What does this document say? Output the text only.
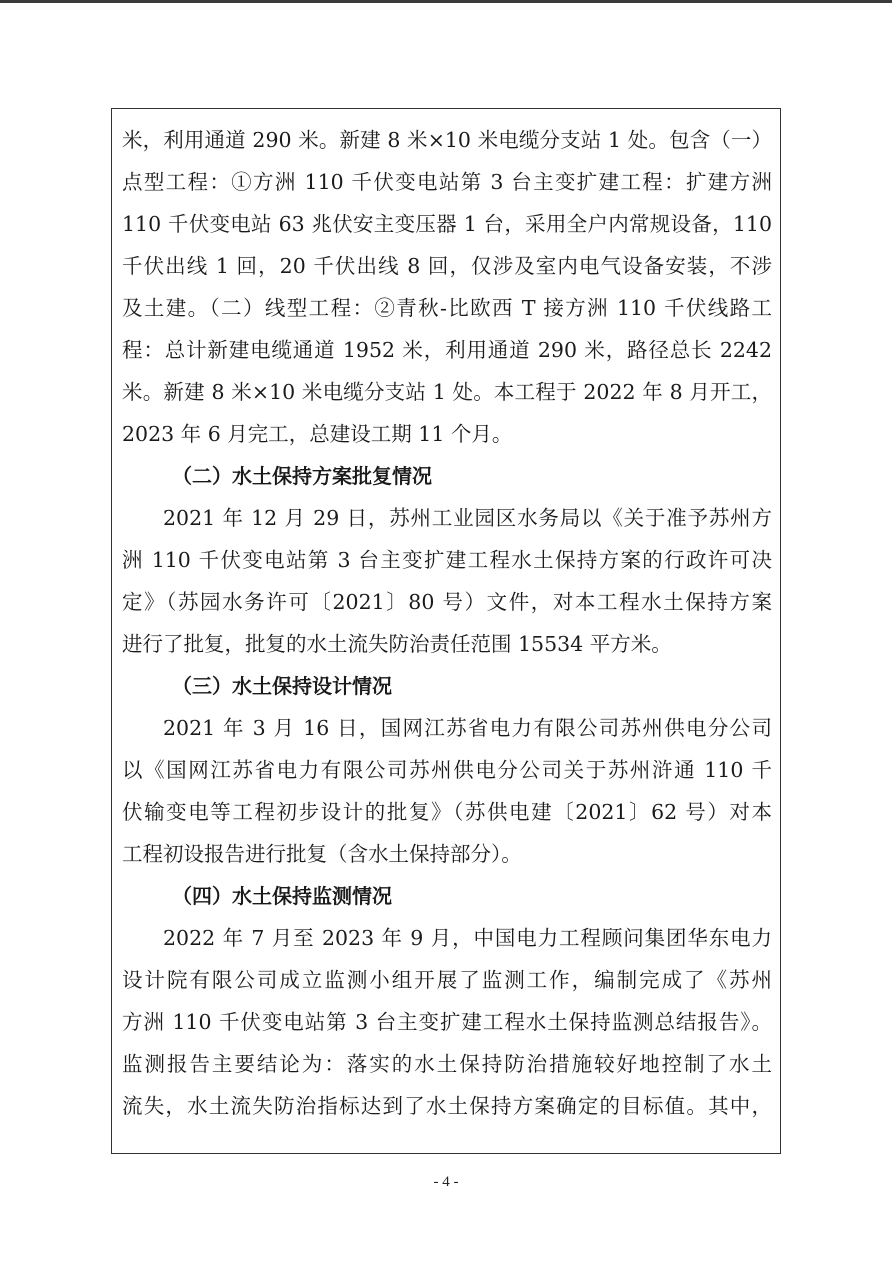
米，利用通道 290 米。新建 8 米×10 米电缆分支站 1 处。包含（一）
点型工程：①方洲 110 千伏变电站第 3 台主变扩建工程：扩建方洲
110 千伏变电站 63 兆伏安主变压器 1 台，采用全户内常规设备，110
千伏出线 1 回，20 千伏出线 8 回，仅涉及室内电气设备安装，不涉
及土建。（二）线型工程：②青秋-比欧西 T 接方洲 110 千伏线路工
程：总计新建电缆通道 1952 米，利用通道 290 米，路径总长 2242
米。新建 8 米×10 米电缆分支站 1 处。本工程于 2022 年 8 月开工，
2023 年 6 月完工，总建设工期 11 个月。
（二）水土保持方案批复情况
2021 年 12 月 29 日，苏州工业园区水务局以《关于准予苏州方
洲 110 千伏变电站第 3 台主变扩建工程水土保持方案的行政许可决
定》（苏园水务许可〔2021〕80 号）文件，对本工程水土保持方案
进行了批复，批复的水土流失防治责任范围 15534 平方米。
（三）水土保持设计情况
2021 年 3 月 16 日，国网江苏省电力有限公司苏州供电分公司
以《国网江苏省电力有限公司苏州供电分公司关于苏州浒通 110 千
伏输变电等工程初步设计的批复》（苏供电建〔2021〕62 号）对本
工程初设报告进行批复（含水土保持部分）。
（四）水土保持监测情况
2022 年 7 月至 2023 年 9 月，中国电力工程顾问集团华东电力
设计院有限公司成立监测小组开展了监测工作，编制完成了《苏州
方洲 110 千伏变电站第 3 台主变扩建工程水土保持监测总结报告》。
监测报告主要结论为：落实的水土保持防治措施较好地控制了水土
流失，水土流失防治指标达到了水土保持方案确定的目标值。其中，
- 4 -
